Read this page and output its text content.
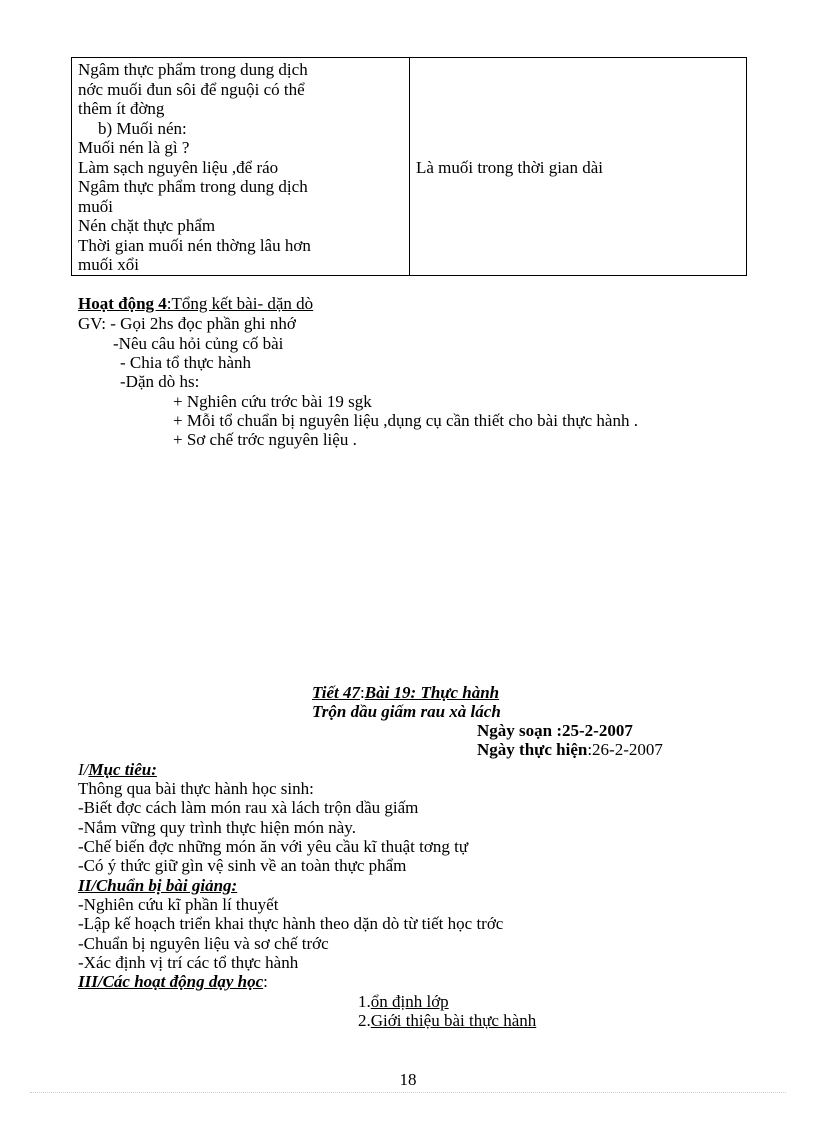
Ngâm thực phẩm trong dung dịch
nớc muối đun sôi để nguội có thể
thêm ít đờng
b) Muối nén:
Muối nén là gì ?
Làm sạch nguyên liệu ,để ráo
Ngâm thực phẩm trong dung dịch
muối
Nén chặt thực phẩm
Thời gian muối nén thờng lâu hơn
muối xổi
	Là muối trong thời gian dài
Hoạt động 4:Tổng kết bài- dặn dò
GV: - Gọi 2hs đọc phần ghi nhớ
-Nêu câu hỏi củng cố bài
- Chia tổ thực hành
-Dặn dò hs:
+ Nghiên cứu trớc bài 19 sgk
+ Mỗi tổ chuẩn bị nguyên liệu ,dụng cụ cần thiết cho bài thực hành .
+ Sơ chế trớc nguyên liệu .
Tiết 47:Bài 19: Thực hành
Trộn dầu giấm rau xà lách
Ngày soạn :25-2-2007
Ngày thực hiện:26-2-2007
I/Mục tiêu:
Thông qua bài thực hành học sinh:
-Biết đợc cách làm món rau xà lách trộn dầu giấm
-Nắm vững quy trình thực hiện món này.
-Chế biến đợc những món ăn với yêu cầu kĩ thuật tơng tự
-Có ý thức giữ gìn vệ sinh về an toàn thực phẩm
II/Chuẩn bị bài giảng:
-Nghiên cứu kĩ phần lí thuyết
-Lập kế hoạch triển khai thực hành theo dặn dò từ tiết học trớc
-Chuẩn bị nguyên liệu và sơ chế trớc
-Xác định vị trí các tổ thực hành
III/Các hoạt động dạy học:
1.ổn định lớp
2.Giới thiệu bài thực hành
18
